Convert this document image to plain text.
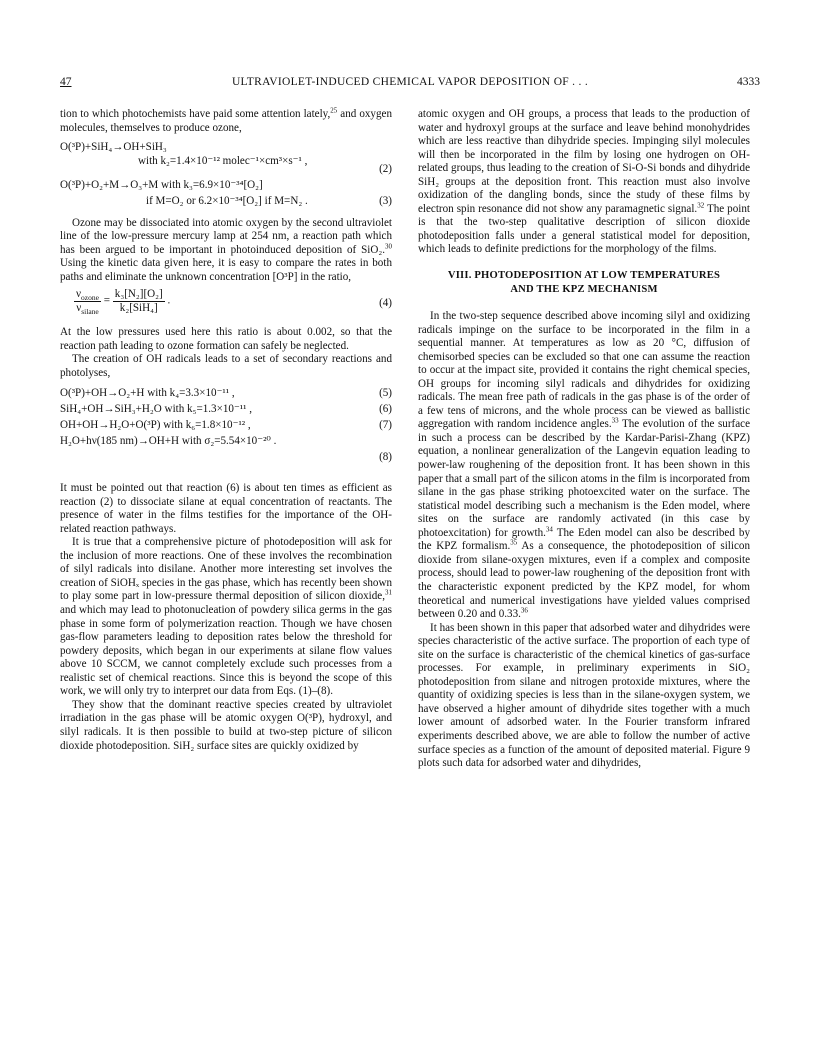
47	ULTRAVIOLET-INDUCED CHEMICAL VAPOR DEPOSITION OF . . .	4333

tion to which photochemists have paid some attention lately,$^{25}$ and oxygen molecules, themselves to produce ozone,

O(³P)+SiH₄→OH+SiH₃
with k₂=1.4×10⁻¹² molec⁻¹×cm³×s⁻¹ ,
(2)
O(³P)+O₂+M→O₃+M with k₃=6.9×10⁻³⁴[O₂]
if M=O₂ or 6.2×10⁻³⁴[O₂] if M=N₂ .	(3)

Ozone may be dissociated into atomic oxygen by the second ultraviolet line of the low-pressure mercury lamp at 254 nm, a reaction path which has been argued to be important in photoinduced deposition of SiO₂.$^{30}$ Using the kinetic data given here, it is easy to compare the rates in both paths and eliminate the unknown concentration [O³P] in the ratio,

$\frac{\nu_{ozone}}{\nu_{silane}} = \frac{\text{k₃[N₂][O₂]}}{\text{k₂[SiH₄]}}$ .	(4)

At the low pressures used here this ratio is about 0.002, so that the reaction path leading to ozone formation can safely be neglected.

The creation of OH radicals leads to a set of secondary reactions and photolyses,

O(³P)+OH→O₂+H with k₄=3.3×10⁻¹¹ ,	(5)
SiH₄+OH→SiH₃+H₂O with k₅=1.3×10⁻¹¹ ,	(6)
OH+OH→H₂O+O(³P) with k₆=1.8×10⁻¹² ,	(7)
H₂O+hν(185 nm)→OH+H with σ₂=5.54×10⁻²⁰ .
(8)

It must be pointed out that reaction (6) is about ten times as efficient as reaction (2) to dissociate silane at equal concentration of reactants. The presence of water in the films testifies for the importance of the OH-related reaction pathways.

It is true that a comprehensive picture of photodeposition will ask for the inclusion of more reactions. One of these involves the recombination of silyl radicals into disilane. Another more interesting set involves the creation of SiOHₓ species in the gas phase, which has recently been shown to play some part in low-pressure thermal deposition of silicon dioxide,$^{31}$ and which may lead to photonucleation of powdery silica germs in the gas phase in some form of polymerization reaction. Though we have chosen gas-flow parameters leading to deposition rates below the threshold for powdery deposits, which began in our experiments at silane flow values above 10 SCCM, we cannot completely exclude such processes from a realistic set of chemical reactions. Since this is beyond the scope of this work, we will only try to interpret our data from Eqs. (1)–(8).

They show that the dominant reactive species created by ultraviolet irradiation in the gas phase will be atomic oxygen O(³P), hydroxyl, and silyl radicals. It is then possible to build at two-step picture of silicon dioxide photodeposition. SiH₂ surface sites are quickly oxidized by

atomic oxygen and OH groups, a process that leads to the production of water and hydroxyl groups at the surface and leave behind monohydrides which are less reactive than dihydride species. Impinging silyl molecules will then be incorporated in the film by losing one hydrogen on OH-related groups, thus leading to the creation of Si-O-Si bonds and dihydride SiH₂ groups at the deposition front. This reaction must also involve oxidization of the dangling bonds, since the study of these films by electron spin resonance did not show any paramagnetic signal.$^{32}$ The point is that the two-step qualitative description of silicon dioxide photodeposition falls under a general statistical model for deposition, which leads to definite predictions for the morphology of the films.

VIII. PHOTODEPOSITION AT LOW TEMPERATURES
AND THE KPZ MECHANISM

In the two-step sequence described above incoming silyl and oxidizing radicals impinge on the surface to be incorporated in the film in a sequential manner. At temperatures as low as 20 °C, diffusion of chemisorbed species can be excluded so that one can assume the reaction to occur at the impact site, provided it contains the right chemical species, OH groups for incoming silyl radicals and dihydrides for oxidizing radicals. The mean free path of radicals in the gas phase is of the order of a few tens of microns, and the whole process can be viewed as ballistic aggregation with random incidence angles.$^{33}$ The evolution of the surface in such a process can be described by the Kardar-Parisi-Zhang (KPZ) equation, a nonlinear generalization of the Langevin equation leading to power-law roughening of the deposition front. It has been shown in this paper that a small part of the silicon atoms in the film is incorporated from silane in the gas phase striking photoexcited water on the surface. The statistical model describing such a mechanism is the Eden model, where sites on the surface are randomly activated (in this case by photoexcitation) for growth.$^{34}$ The Eden model can also be described by the KPZ formalism.$^{35}$ As a consequence, the photodeposition of silicon dioxide from silane-oxygen mixtures, even if a complex and composite process, should lead to power-law roughening of the deposition front with the characteristic exponent predicted by the KPZ model, for whom theoretical and numerical investigations have yielded values comprised between 0.20 and 0.33.36

It has been shown in this paper that adsorbed water and dihydrides were species characteristic of the active surface. The proportion of each type of site on the surface is characteristic of the chemical kinetics of gas-surface processes. For example, in preliminary experiments in SiO₂ photodeposition from silane and nitrogen protoxide mixtures, where the quantity of oxidizing species is less than in the silane-oxygen system, we have observed a higher amount of dihydride sites together with a much lower amount of adsorbed water. In the Fourier transform infrared experiments described above, we are able to follow the number of active surface species as a function of the amount of deposited material. Figure 9 plots such data for adsorbed water and dihydrides,
